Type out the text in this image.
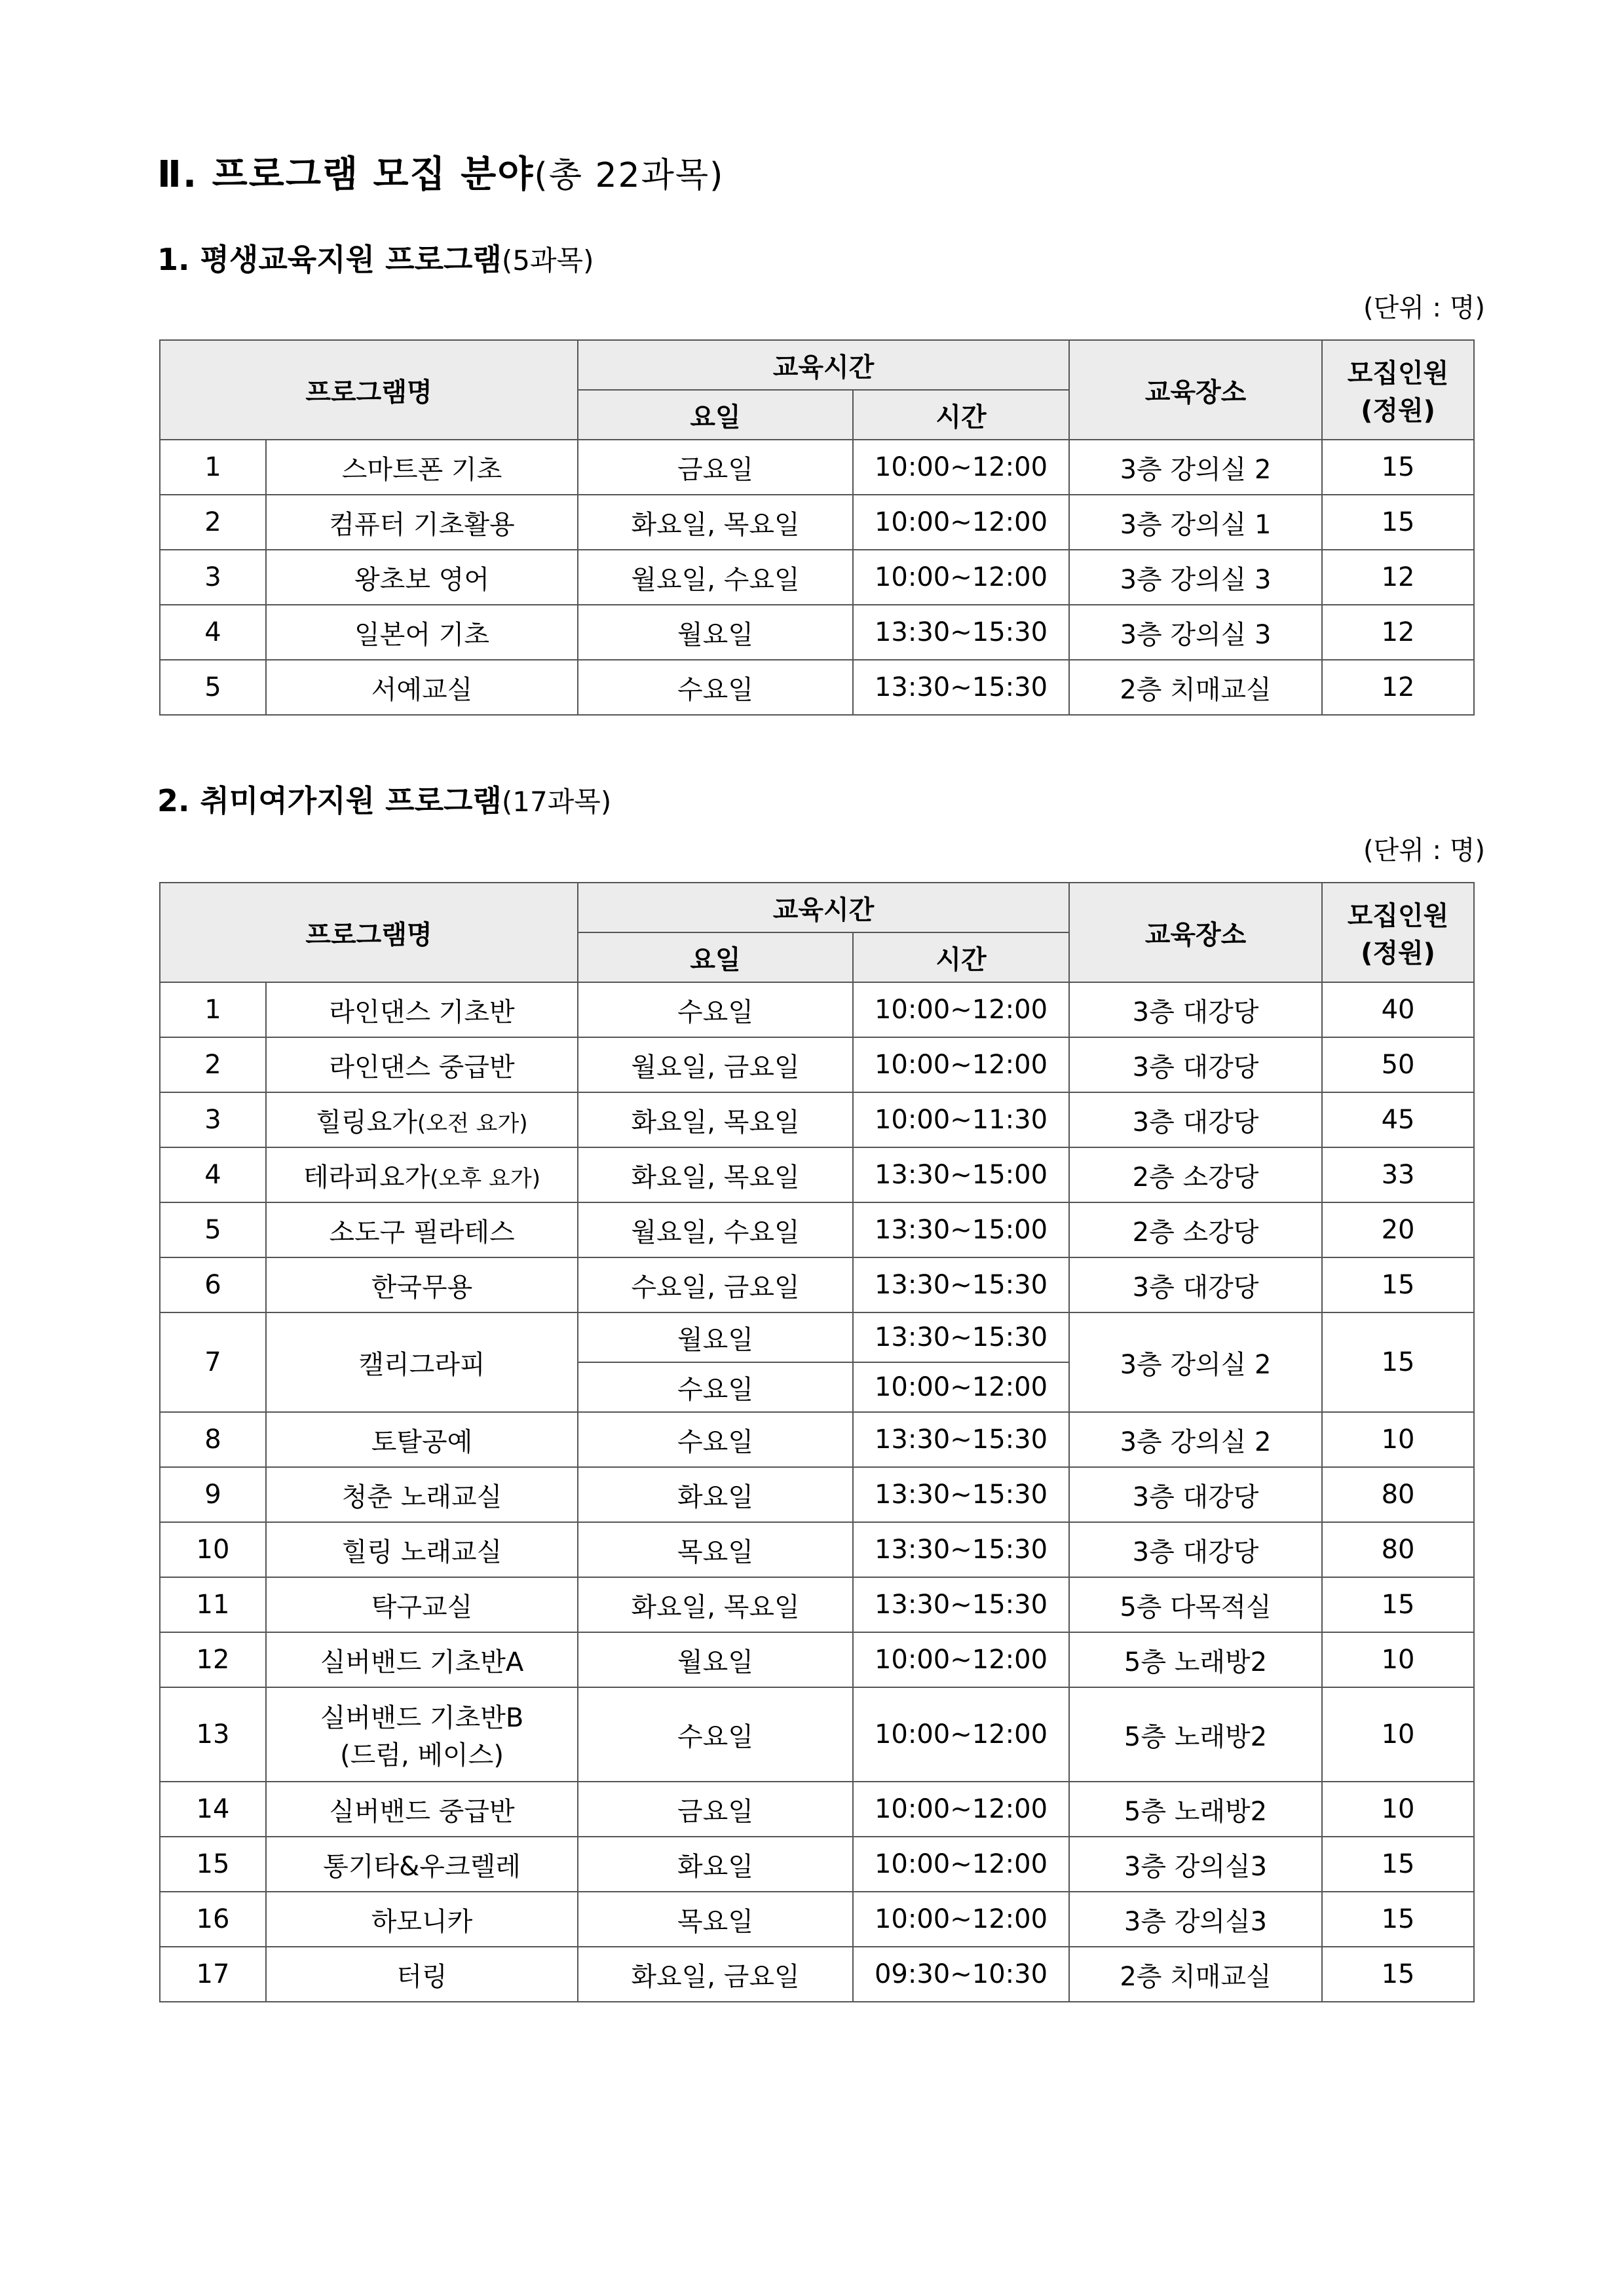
Ⅱ. 프로그램 모집 분야(총 22과목)
1. 평생교육지원 프로그램(5과목)
(단위 : 명)
프로그램명		교육시간		교육장소	모집인원
(정원)

		요일	시간		
1	스마트폰 기초	금요일	10:00~12:00	3층 강의실 2	15
2	컴퓨터 기초활용	화요일, 목요일	10:00~12:00	3층 강의실 1	15
3	왕초보 영어	월요일, 수요일	10:00~12:00	3층 강의실 3	12
4	일본어 기초	월요일	13:30~15:30	3층 강의실 3	12
5	서예교실	수요일	13:30~15:30	2층 치매교실	12
2. 취미여가지원 프로그램(17과목)
(단위 : 명)
프로그램명		교육시간		교육장소	모집인원
(정원)

		요일	시간		
1	라인댄스 기초반	수요일	10:00~12:00	3층 대강당	40
2	라인댄스 중급반	월요일, 금요일	10:00~12:00	3층 대강당	50
3	힐링요가(오전 요가)	화요일, 목요일	10:00~11:30	3층 대강당	45
4	테라피요가(오후 요가)	화요일, 목요일	13:30~15:00	2층 소강당	33
5	소도구 필라테스	월요일, 수요일	13:30~15:00	2층 소강당	20
6	한국무용	수요일, 금요일	13:30~15:30	3층 대강당	15
7	캘리그라피	월요일	13:30~15:30	3층 강의실 2	15
		수요일	10:00~12:00		
8	토탈공예	수요일	13:30~15:30	3층 강의실 2	10
9	청춘 노래교실	화요일	13:30~15:30	3층 대강당	80
10	힐링 노래교실	목요일	13:30~15:30	3층 대강당	80
11	탁구교실	화요일, 목요일	13:30~15:30	5층 다목적실	15
12	실버밴드 기초반A	월요일	10:00~12:00	5층 노래방2	10
13	실버밴드 기초반B
(드럼, 베이스)	수요일	10:00~12:00	5층 노래방2	10
14	실버밴드 중급반	금요일	10:00~12:00	5층 노래방2	10
15	통기타&우크렐레	화요일	10:00~12:00	3층 강의실3	15
16	하모니카	목요일	10:00~12:00	3층 강의실3	15
17	터링	화요일, 금요일	09:30~10:30	2층 치매교실	15
